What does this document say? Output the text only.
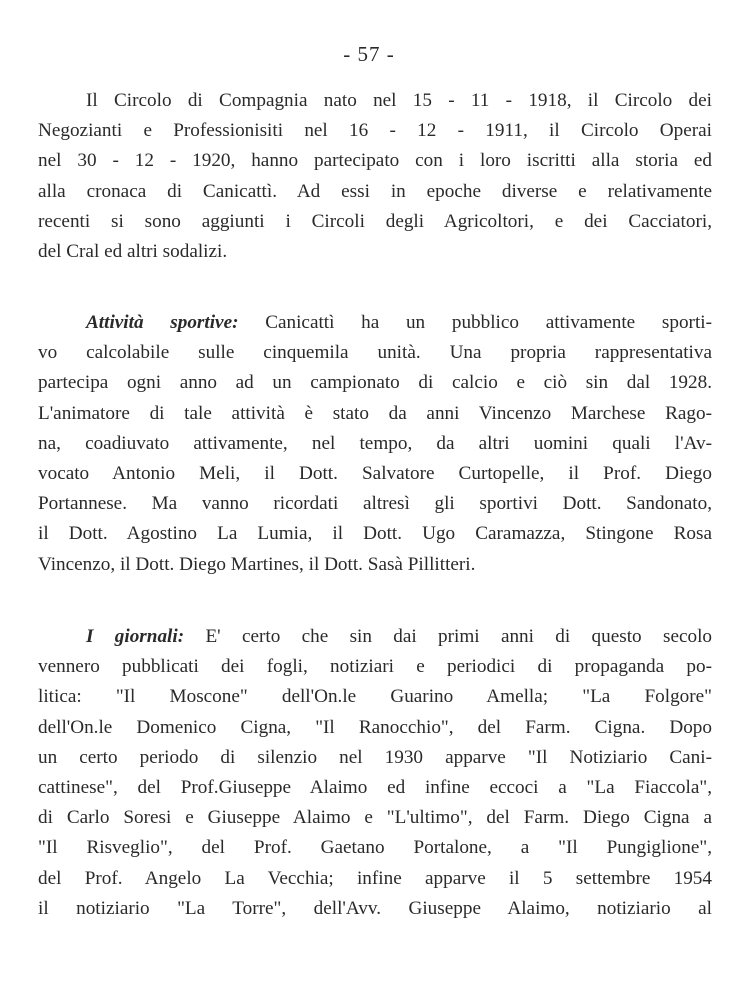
- 57 -
Il Circolo di Compagnia nato nel 15 - 11 - 1918, il Circolo dei
Negozianti e Professionisiti nel 16 - 12 - 1911, il Circolo Operai
nel 30 - 12 - 1920, hanno partecipato con i loro iscritti alla storia ed
alla cronaca di Canicattì. Ad essi in epoche diverse e relativamente
recenti si sono aggiunti i Circoli degli Agricoltori, e dei Cacciatori,
del Cral ed altri sodalizi.
Attività sportive: Canicattì ha un pubblico attivamente sporti-
vo calcolabile sulle cinquemila unità. Una propria rappresentativa
partecipa ogni anno ad un campionato di calcio e ciò sin dal 1928.
L'animatore di tale attività è stato da anni Vincenzo Marchese Rago-
na, coadiuvato attivamente, nel tempo, da altri uomini quali l'Av-
vocato Antonio Meli, il Dott. Salvatore Curtopelle, il Prof. Diego
Portannese. Ma vanno ricordati altresì gli sportivi Dott. Sandonato,
il Dott. Agostino La Lumia, il Dott. Ugo Caramazza, Stingone Rosa
Vincenzo, il Dott. Diego Martines, il Dott. Sasà Pillitteri.
I giornali: E' certo che sin dai primi anni di questo secolo
vennero pubblicati dei fogli, notiziari e periodici di propaganda po-
litica: "Il Moscone" dell'On.le Guarino Amella; "La Folgore"
dell'On.le Domenico Cigna, "Il Ranocchio", del Farm. Cigna. Dopo
un certo periodo di silenzio nel 1930 apparve "Il Notiziario Cani-
cattinese", del Prof.Giuseppe Alaimo ed infine eccoci a "La Fiaccola",
di Carlo Soresi e Giuseppe Alaimo e "L'ultimo", del Farm. Diego Cigna a
"Il Risveglio", del Prof. Gaetano Portalone, a "Il Pungiglione",
del Prof. Angelo La Vecchia; infine apparve il 5 settembre 1954
il notiziario "La Torre", dell'Avv. Giuseppe Alaimo, notiziario al
